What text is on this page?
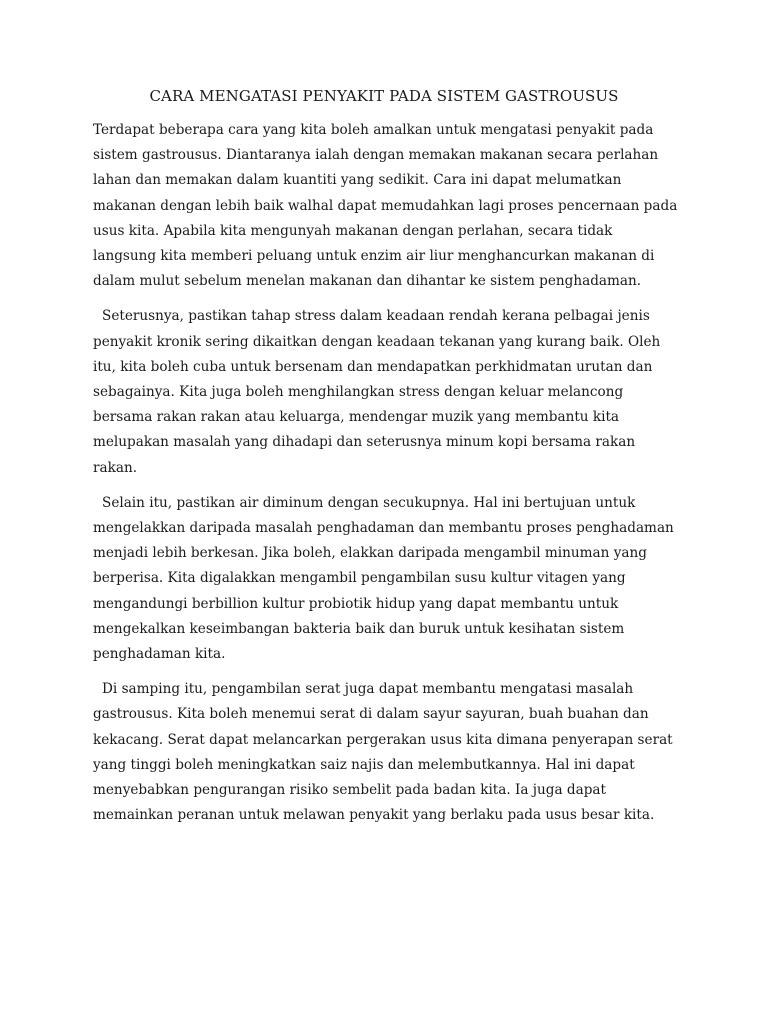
CARA MENGATASI PENYAKIT PADA SISTEM GASTROUSUS

Terdapat beberapa cara yang kita boleh amalkan untuk mengatasi penyakit pada sistem gastrousus. Diantaranya ialah dengan memakan makanan secara perlahan lahan dan memakan dalam kuantiti yang sedikit. Cara ini dapat melumatkan makanan dengan lebih baik walhal dapat memudahkan lagi proses pencernaan pada usus kita. Apabila kita mengunyah makanan dengan perlahan, secara tidak langsung kita memberi peluang untuk enzim air liur menghancurkan makanan di dalam mulut sebelum menelan makanan dan dihantar ke sistem penghadaman.

Seterusnya, pastikan tahap stress dalam keadaan rendah kerana pelbagai jenis penyakit kronik sering dikaitkan dengan keadaan tekanan yang kurang baik. Oleh itu, kita boleh cuba untuk bersenam dan mendapatkan perkhidmatan urutan dan sebagainya. Kita juga boleh menghilangkan stress dengan keluar melancong bersama rakan rakan atau keluarga, mendengar muzik yang membantu kita melupakan masalah yang dihadapi dan seterusnya minum kopi bersama rakan rakan.

Selain itu, pastikan air diminum dengan secukupnya. Hal ini bertujuan untuk mengelakkan daripada masalah penghadaman dan membantu proses penghadaman menjadi lebih berkesan. Jika boleh, elakkan daripada mengambil minuman yang berperisa. Kita digalakkan mengambil pengambilan susu kultur vitagen yang mengandungi berbillion kultur probiotik hidup yang dapat membantu untuk mengekalkan keseimbangan bakteria baik dan buruk untuk kesihatan sistem penghadaman kita.

Di samping itu, pengambilan serat juga dapat membantu mengatasi masalah gastrousus. Kita boleh menemui serat di dalam sayur sayuran, buah buahan dan kekacang. Serat dapat melancarkan pergerakan usus kita dimana penyerapan serat yang tinggi boleh meningkatkan saiz najis dan melembutkannya. Hal ini dapat menyebabkan pengurangan risiko sembelit pada badan kita. Ia juga dapat memainkan peranan untuk melawan penyakit yang berlaku pada usus besar kita.
